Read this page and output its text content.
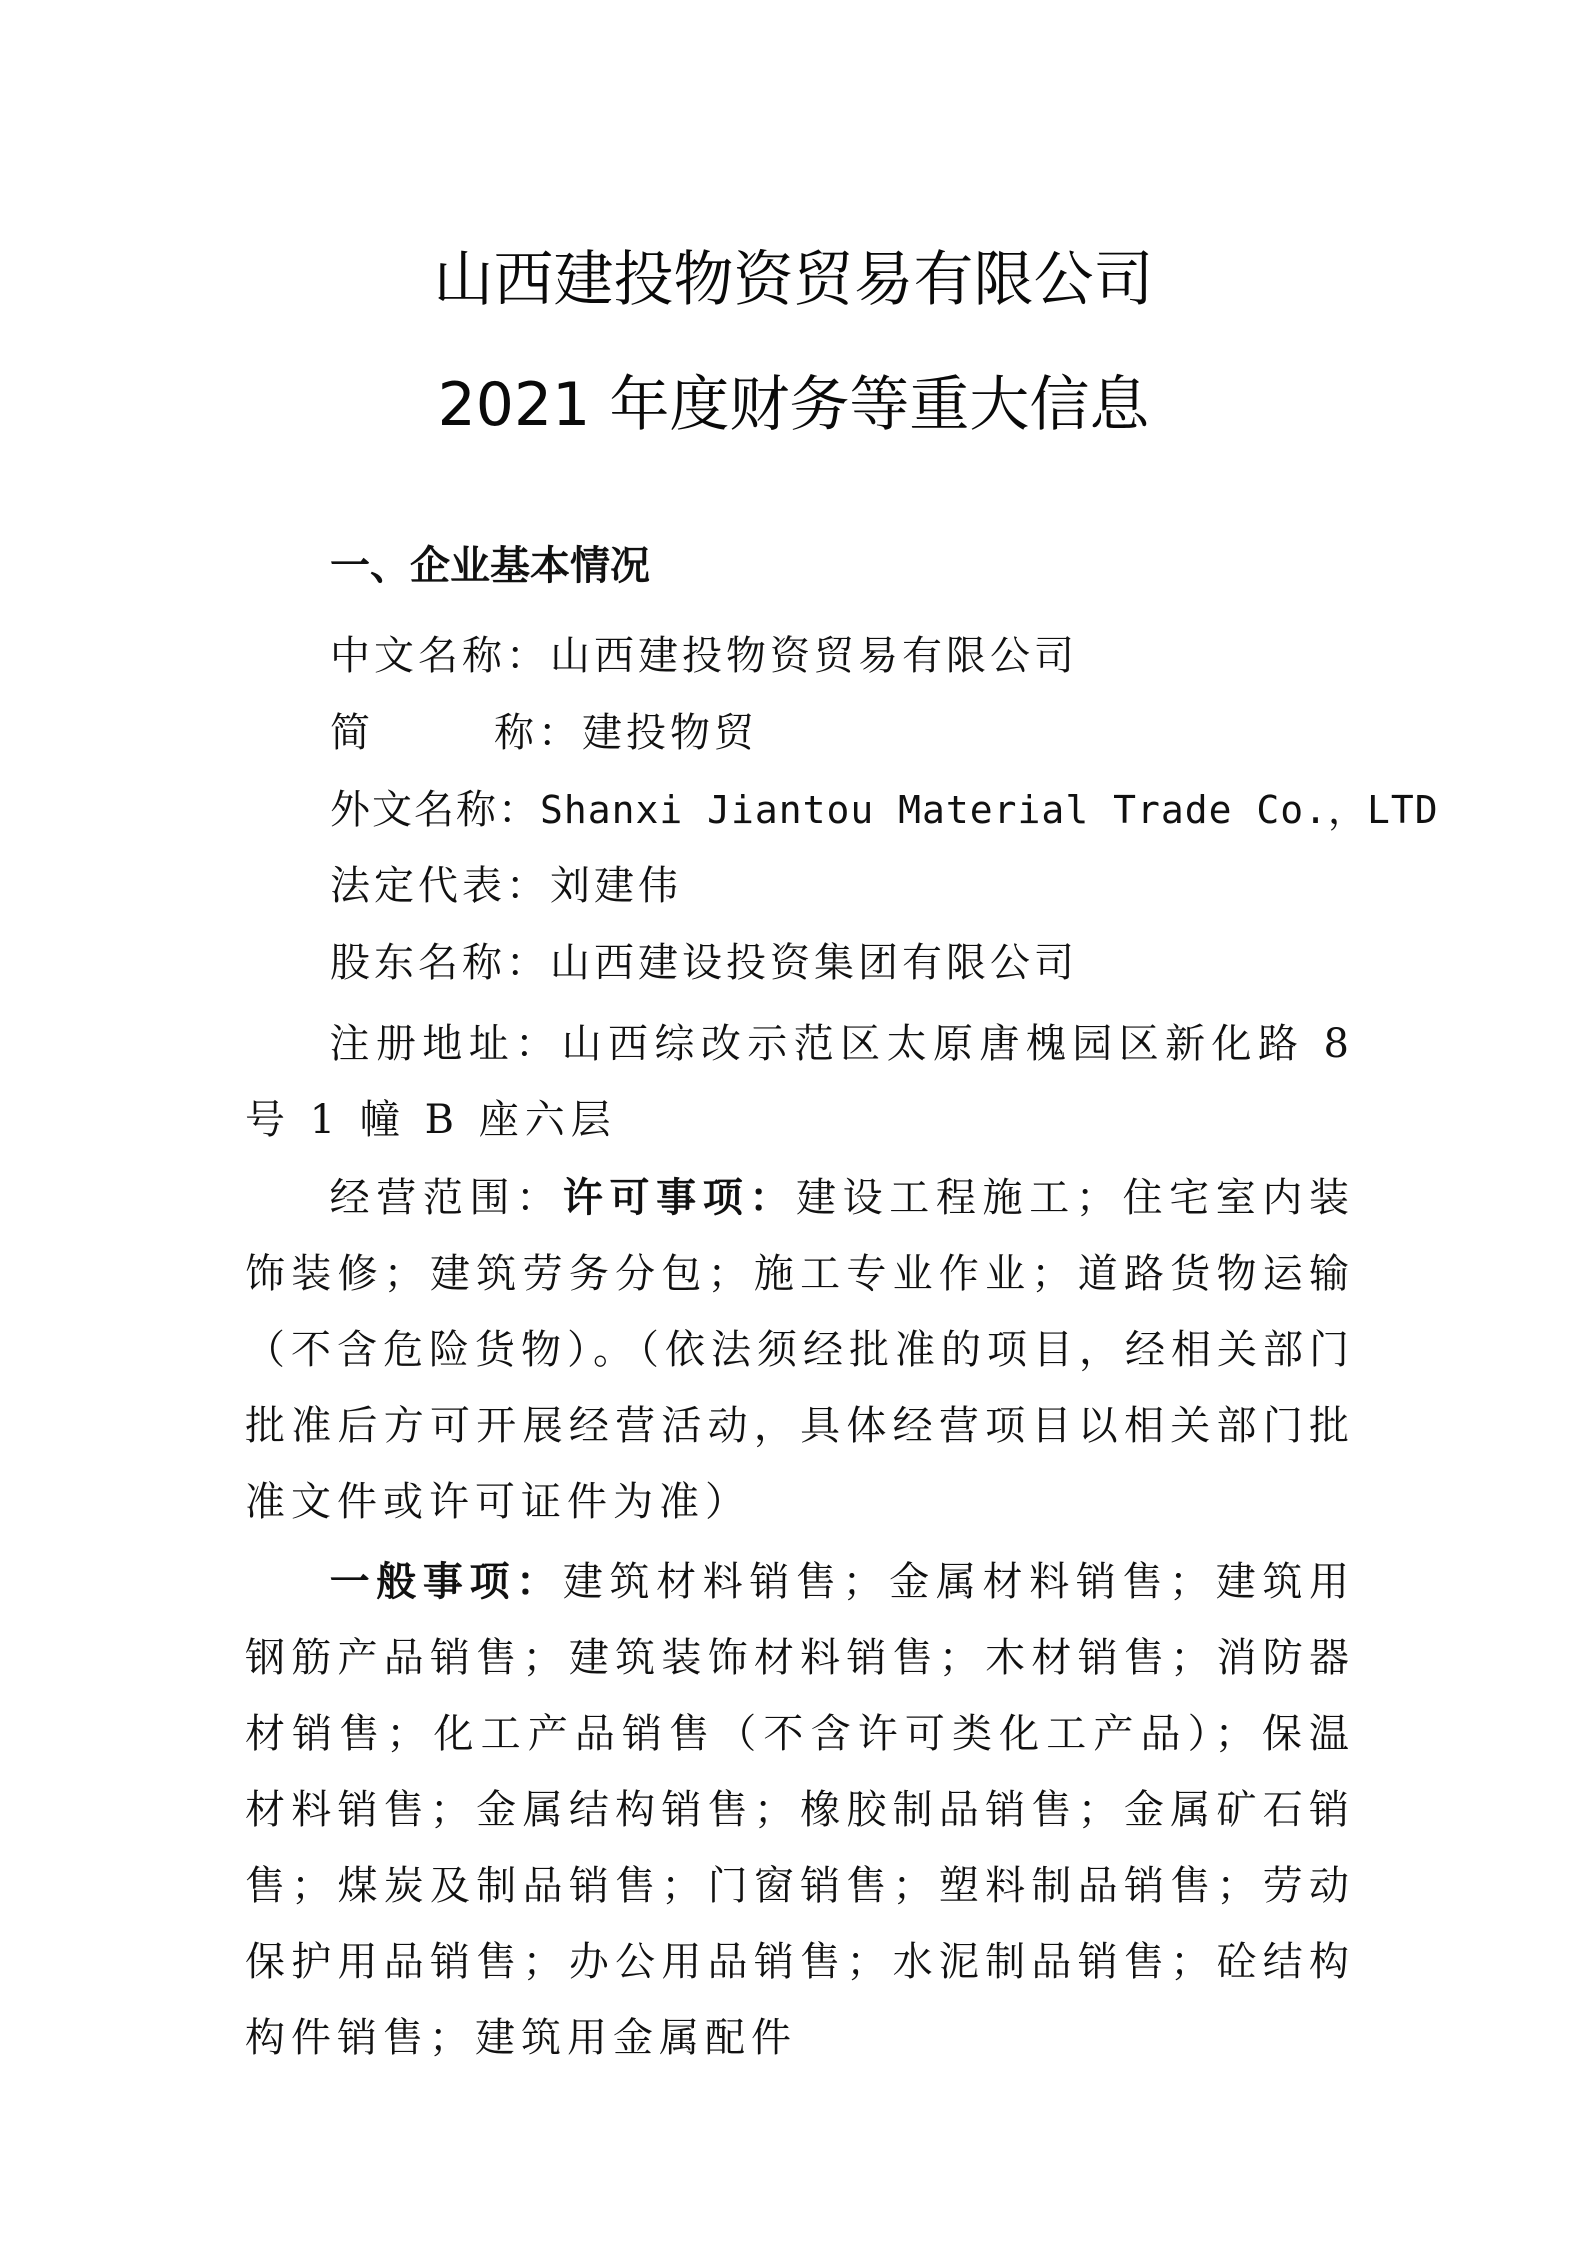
山西建投物资贸易有限公司
2021 年度财务等重大信息
一、企业基本情况
中文名称：山西建投物资贸易有限公司
简	称：建投物贸
外文名称：Shanxi Jiantou Material Trade Co.，LTD
法定代表：刘建伟
股东名称：山西建设投资集团有限公司
注册地址：山西综改示范区太原唐槐园区新化路 8 号 1 幢 B 座六层
经营范围：许可事项：建设工程施工；住宅室内装饰装修；建筑劳务分包；施工专业作业；道路货物运输（不含危险货物）。（依法须经批准的项目，经相关部门批准后方可开展经营活动，具体经营项目以相关部门批准文件或许可证件为准）
一般事项：建筑材料销售；金属材料销售；建筑用钢筋产品销售；建筑装饰材料销售；木材销售；消防器材销售；化工产品销售（不含许可类化工产品）；保温材料销售；金属结构销售；橡胶制品销售；金属矿石销售；煤炭及制品销售；门窗销售；塑料制品销售；劳动保护用品销售；办公用品销售；水泥制品销售；砼结构构件销售；建筑用金属配件
